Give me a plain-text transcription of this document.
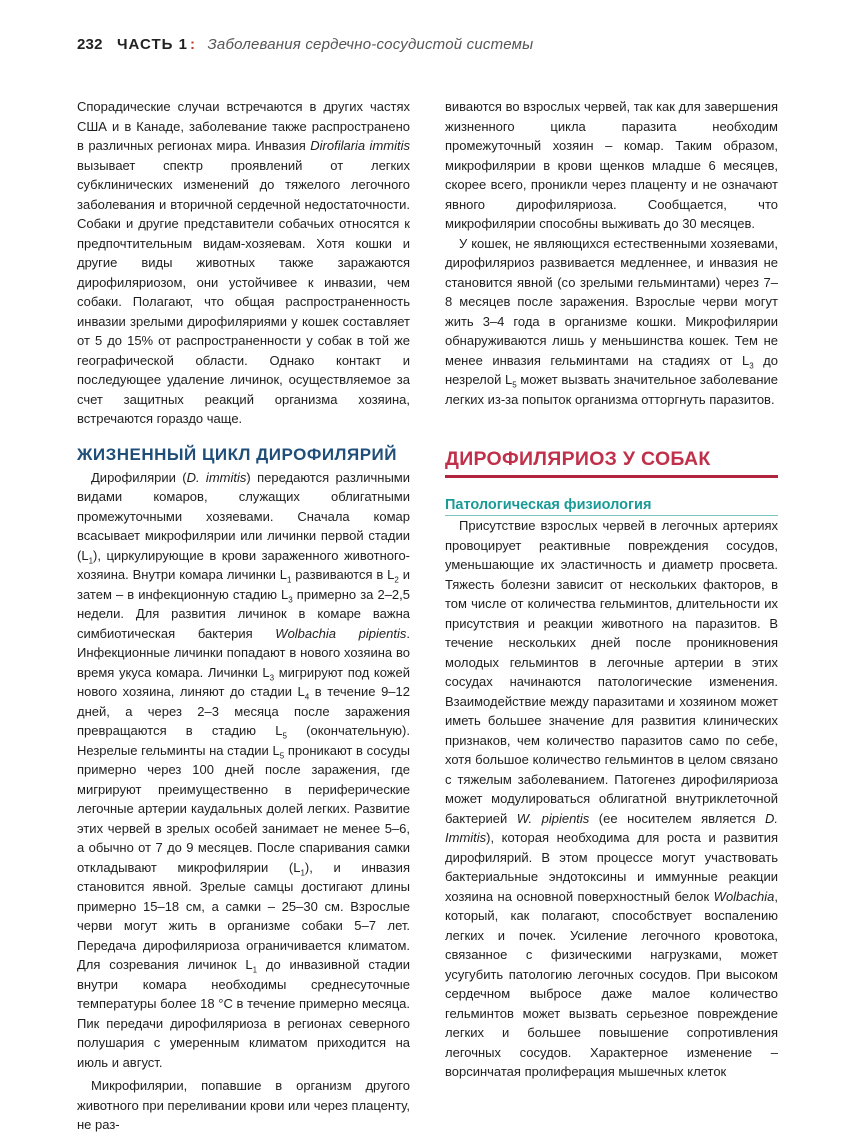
232 ЧАСТЬ 1 : Заболевания сердечно-сосудистой системы

Спорадические случаи встречаются в других частях США и в Канаде, заболевание также распространено в различных регионах мира. Инвазия Dirofilaria immitis вызывает спектр проявлений от легких субклинических изменений до тяжелого легочного заболевания и вторичной сердечной недостаточности. Собаки и другие представители собачьих относятся к предпочтительным видам-хозяевам. Хотя кошки и другие виды животных также заражаются дирофиляриозом, они устойчивее к инвазии, чем собаки. Полагают, что общая распространенность инвазии зрелыми дирофиляриями у кошек составляет от 5 до 15% от распространенности у собак в той же географической области. Однако контакт и последующее удаление личинок, осуществляемое за счет защитных реакций организма хозяина, встречаются гораздо чаще.

ЖИЗНЕННЫЙ ЦИКЛ ДИРОФИЛЯРИЙ

Дирофилярии (D. immitis) передаются различными видами комаров, служащих облигатными промежуточными хозяевами. Сначала комар всасывает микрофилярии или личинки первой стадии $(L_1)$, циркулирующие в крови зараженного животного-хозяина. Внутри комара личинки $L_1$ развиваются в $L_2$ и затем – в инфекционную стадию $L_3$ примерно за 2–2,5 недели. Для развития личинок в комаре важна симбиотическая бактерия Wolbachia pipientis. Инфекционные личинки попадают в нового хозяина во время укуса комара. Личинки $L_3$ мигрируют под кожей нового хозяина, линяют до стадии $L_4$ в течение 9–12 дней, а через 2–3 месяца после заражения превращаются в стадию $L_5$ (окончательную). Незрелые гельминты на стадии $L_5$ проникают в сосуды примерно через 100 дней после заражения, где мигрируют преимущественно в периферические легочные артерии каудальных долей легких. Развитие этих червей в зрелых особей занимает не менее 5–6, а обычно от 7 до 9 месяцев. После спаривания самки откладывают микрофилярии $(L_1)$, и инвазия становится явной. Зрелые самцы достигают длины примерно 15–18 см, а самки – 25–30 см. Взрослые черви могут жить в организме собаки 5–7 лет. Передача дирофиляриоза ограничивается климатом. Для созревания личинок $L_1$ до инвазивной стадии внутри комара необходимы среднесуточные температуры более 18 °C в течение примерно месяца. Пик передачи дирофиляриоза в регионах северного полушария с умеренным климатом приходится на июль и август.

Микрофилярии, попавшие в организм другого животного при переливании крови или через плаценту, не раз-

виваются во взрослых червей, так как для завершения жизненного цикла паразита необходим промежуточный хозяин – комар. Таким образом, микрофилярии в крови щенков младше 6 месяцев, скорее всего, проникли через плаценту и не означают явного дирофиляриоза. Сообщается, что микрофилярии способны выживать до 30 месяцев.

У кошек, не являющихся естественными хозяевами, дирофиляриоз развивается медленнее, и инвазия не становится явной (со зрелыми гельминтами) через 7–8 месяцев после заражения. Взрослые черви могут жить 3–4 года в организме кошки. Микрофилярии обнаруживаются лишь у меньшинства кошек. Тем не менее инвазия гельминтами на стадиях от $L_3$ до незрелой $L_5$ может вызвать значительное заболевание легких из-за попыток организма отторгнуть паразитов.

ДИРОФИЛЯРИОЗ У СОБАК
Патологическая физиология

Присутствие взрослых червей в легочных артериях провоцирует реактивные повреждения сосудов, уменьшающие их эластичность и диаметр просвета. Тяжесть болезни зависит от нескольких факторов, в том числе от количества гельминтов, длительности их присутствия и реакции животного на паразитов. В течение нескольких дней после проникновения молодых гельминтов в легочные артерии в этих сосудах начинаются патологические изменения. Взаимодействие между паразитами и хозяином может иметь большее значение для развития клинических признаков, чем количество паразитов само по себе, хотя большое количество гельминтов в целом связано с тяжелым заболеванием. Патогенез дирофиляриоза может модулироваться облигатной внутриклеточной бактерией W. pipientis (ее носителем является D. Immitis), которая необходима для роста и развития дирофилярий. В этом процессе могут участвовать бактериальные эндотоксины и иммунные реакции хозяина на основной поверхностный белок Wolbachia, который, как полагают, способствует воспалению легких и почек. Усиление легочного кровотока, связанное с физическими нагрузками, может усугубить патологию легочных сосудов. При высоком сердечном выбросе даже малое количество гельминтов может вызвать серьезное повреждение легких и большее повышение сопротивления легочных сосудов. Характерное изменение – ворсинчатая пролиферация мышечных клеток
